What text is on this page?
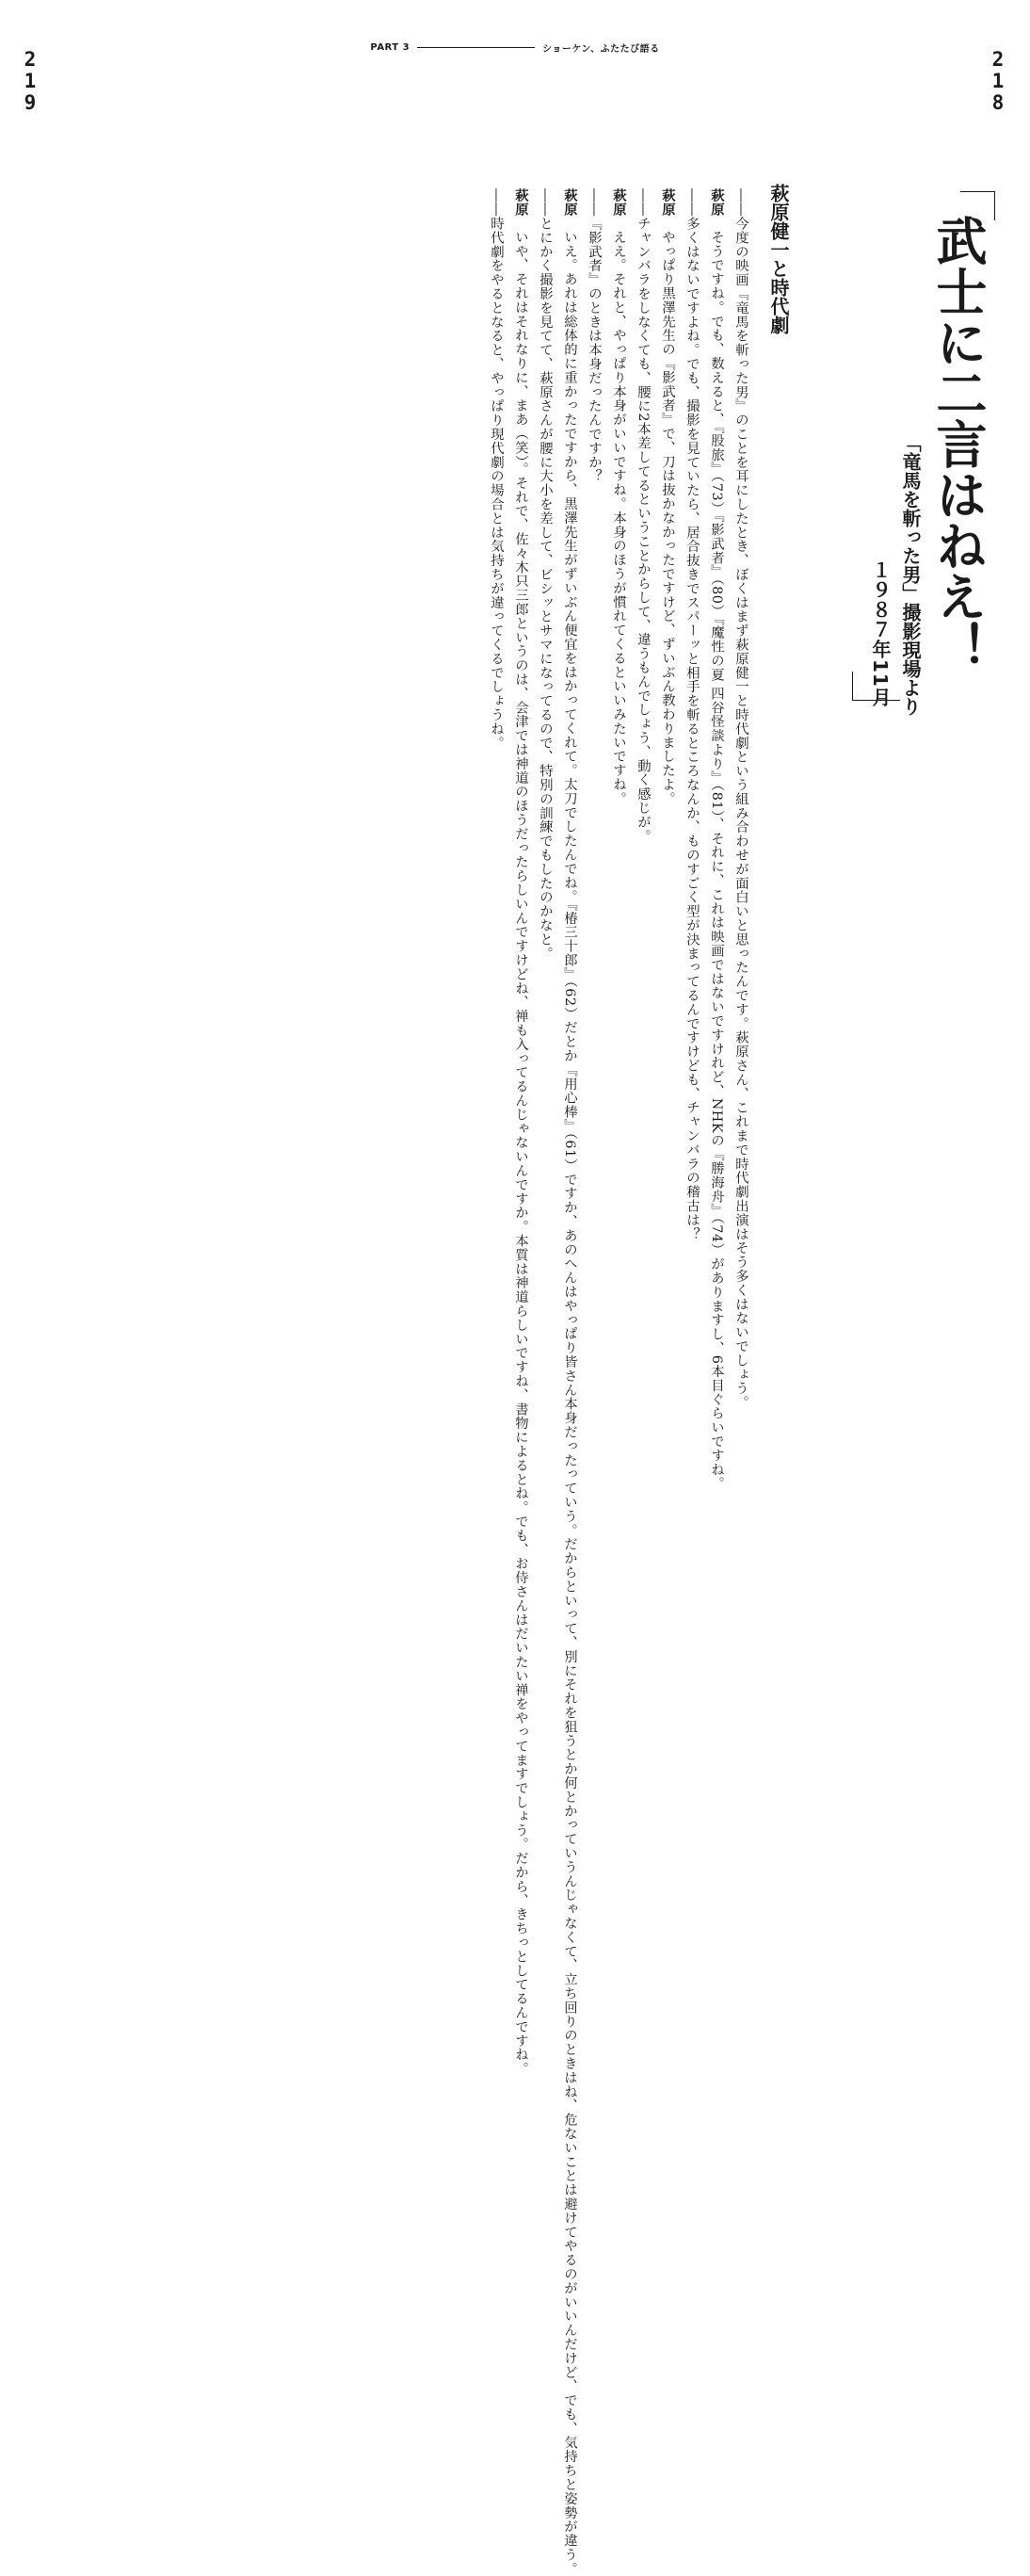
PART 3	ショーケン、ふたたび語る
2
1
9
2
1
8
武士に二言はねえ！
「竜馬を斬った男」撮影現場より
１９８７年11月
萩原健一と時代劇

――今度の映画『竜馬を斬った男』のことを耳にしたとき、ぼくはまず萩原健一と時代劇という組み合わせが面白いと思ったんです。萩原さん、これまで時代劇出演はそう多くはないでしょう。

萩原そうですね。でも、数えると、『股旅』（73）『影武者』（80）『魔性の夏 四谷怪談より』（81）、それに、これは映画ではないですけれど、NHKの『勝海舟』（74）がありますし、6本目ぐらいですね。

――多くはないですよね。でも、撮影を見ていたら、居合抜きでスパーッと相手を斬るところなんか、ものすごく型が決まってるんですけども、チャンバラの稽古は？

萩原やっぱり黒澤先生の『影武者』で、刀は抜かなかったですけど、ずいぶん教わりましたよ。

――チャンバラをしなくても、腰に2本差してるということからして、違うもんでしょう、動く感じが。

萩原ええ。それと、やっぱり本身がいいですね。本身のほうが慣れてくるといいみたいですね。

――『影武者』のときは本身だったんですか？

萩原いえ。あれは総体的に重かったですから、黒澤先生がずいぶん便宜をはかってくれて。太刀でしたんでね。『椿三十郎』（62）だとか『用心棒』（61）ですか、あのへんはやっぱり皆さん本身だったっていう。だからといって、別にそれを狙うとか何とかっていうんじゃなくて、立ち回りのときはね、危ないことは避けてやるのがいいんだけど、でも、気持ちと姿勢が違う。

――とにかく撮影を見てて、萩原さんが腰に大小を差して、ビシッとサマになってるので、特別の訓練でもしたのかなと。

萩原いや、それはそれなりに、まあ（笑）。それで、佐々木只三郎というのは、会津では神道のほうだったらしいんですけどね、禅も入ってるんじゃないんですか。本質は神道らしいですね、書物によるとね。でも、お侍さんはだいたい禅をやってますでしょう。だから、きちっとしてるんですね。

――時代劇をやるとなると、やっぱり現代劇の場合とは気持ちが違ってくるでしょうね。
